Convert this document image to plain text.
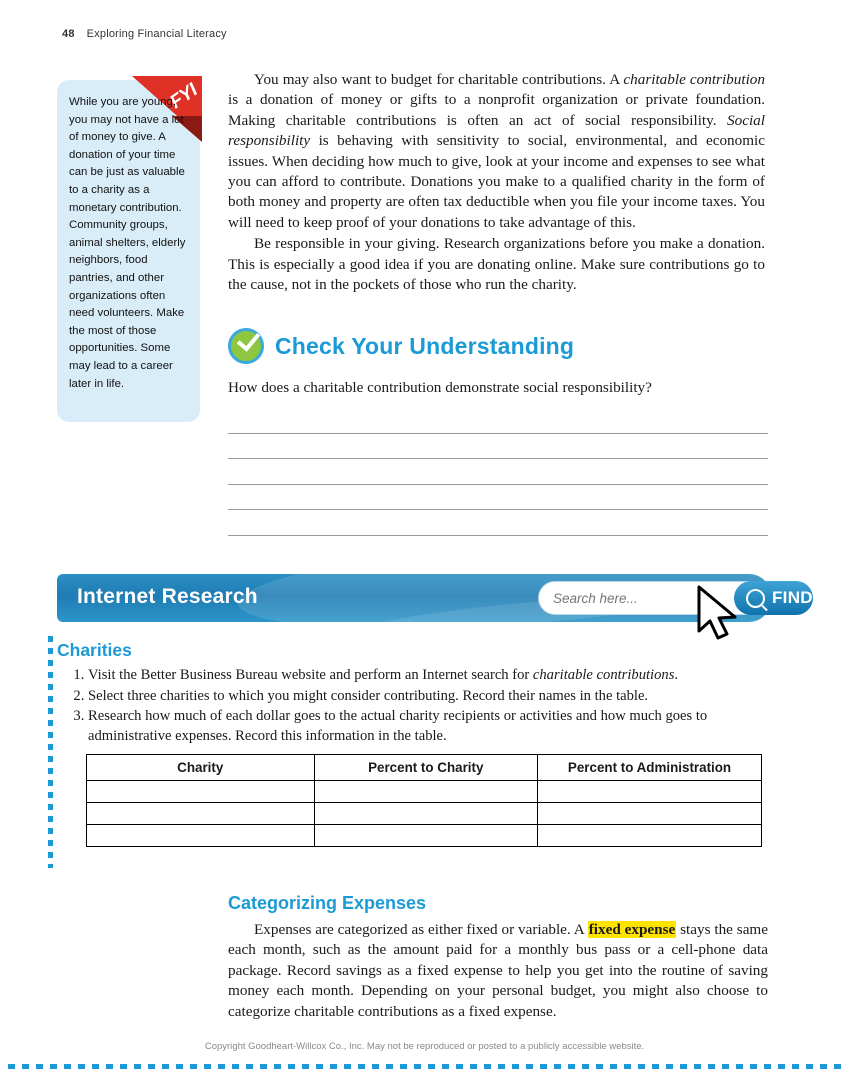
48 Exploring Financial Literacy
FYI
While you are young, you may not have a lot of money to give. A donation of your time can be just as valuable to a charity as a monetary contribution. Community groups, animal shelters, elderly neighbors, food pantries, and other organizations often need volunteers. Make the most of those opportunities. Some may lead to a career later in life.

You may also want to budget for charitable contributions. A charitable contribution is a donation of money or gifts to a nonprofit organization or private foundation. Making charitable contributions is often an act of social responsibility. Social responsibility is behaving with sensitivity to social, environmental, and economic issues. When deciding how much to give, look at your income and expenses to see what you can afford to contribute. Donations you make to a qualified charity in the form of both money and property are often tax deductible when you file your income taxes. You will need to keep proof of your donations to take advantage of this.

Be responsible in your giving. Research organizations before you make a donation. This is especially a good idea if you are donating online. Make sure contributions go to the cause, not in the pockets of those who run the charity.

Check Your Understanding
How does a charitable contribution demonstrate social responsibility?
Internet Research
Search here...	FIND
Charities
1. Visit the Better Business Bureau website and perform an Internet search for charitable contributions.
2. Select three charities to which you might consider contributing. Record their names in the table.
3. Research how much of each dollar goes to the actual charity recipients or activities and how much goes to administrative expenses. Record this information in the table.
Charity	Percent to Charity	Percent to Administration

Categorizing Expenses
Expenses are categorized as either fixed or variable. A fixed expense stays the same each month, such as the amount paid for a monthly bus pass or a cell-phone data package. Record savings as a fixed expense to help you get into the routine of saving money each month. Depending on your personal budget, you might also choose to categorize charitable contributions as a fixed expense.
Copyright Goodheart-Willcox Co., Inc. May not be reproduced or posted to a publicly accessible website.
